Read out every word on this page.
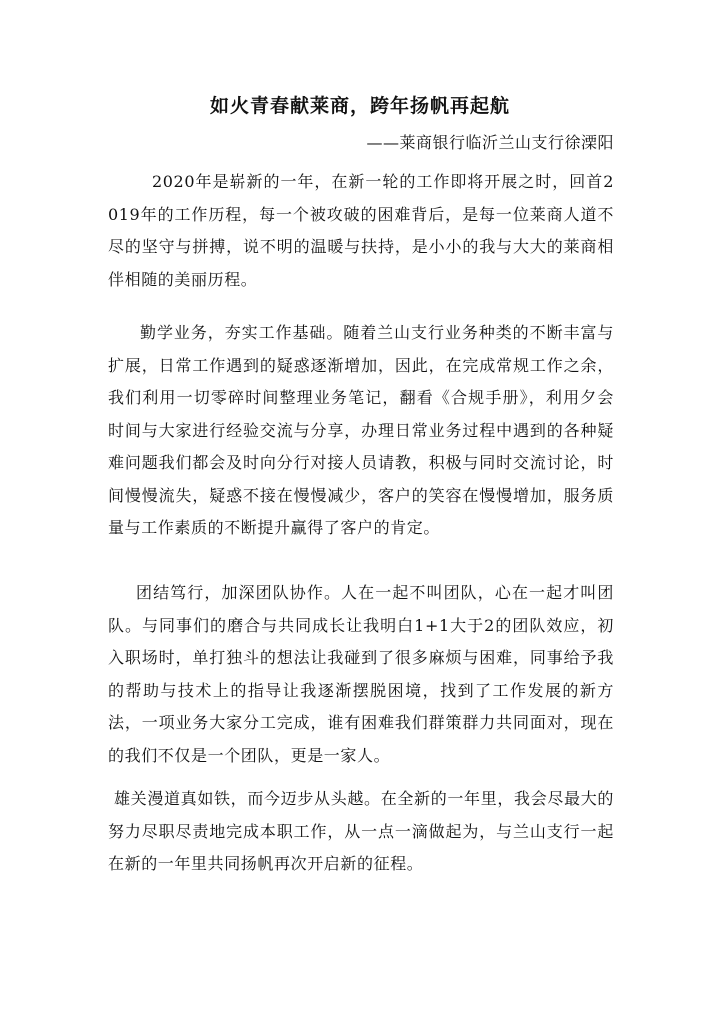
如火青春献莱商，跨年扬帆再起航
——莱商银行临沂兰山支行徐溧阳

2020年是崭新的一年，在新一轮的工作即将开展之时，回首2019年的工作历程，每一个被攻破的困难背后，是每一位莱商人道不尽的坚守与拼搏，说不明的温暖与扶持，是小小的我与大大的莱商相伴相随的美丽历程。

勤学业务，夯实工作基础。随着兰山支行业务种类的不断丰富与扩展，日常工作遇到的疑惑逐渐增加，因此，在完成常规工作之余，我们利用一切零碎时间整理业务笔记，翻看《合规手册》，利用夕会时间与大家进行经验交流与分享，办理日常业务过程中遇到的各种疑难问题我们都会及时向分行对接人员请教，积极与同时交流讨论，时间慢慢流失，疑惑不接在慢慢减少，客户的笑容在慢慢增加，服务质量与工作素质的不断提升赢得了客户的肯定。

团结笃行，加深团队协作。人在一起不叫团队，心在一起才叫团队。与同事们的磨合与共同成长让我明白1+1大于2的团队效应，初入职场时，单打独斗的想法让我碰到了很多麻烦与困难，同事给予我的帮助与技术上的指导让我逐渐摆脱困境，找到了工作发展的新方法，一项业务大家分工完成，谁有困难我们群策群力共同面对，现在的我们不仅是一个团队，更是一家人。

雄关漫道真如铁，而今迈步从头越。在全新的一年里，我会尽最大的努力尽职尽责地完成本职工作，从一点一滴做起为，与兰山支行一起在新的一年里共同扬帆再次开启新的征程。
